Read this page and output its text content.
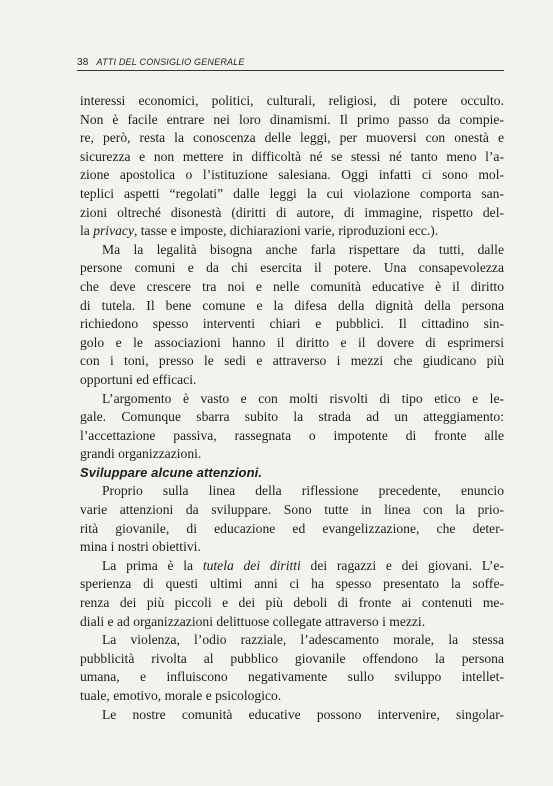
38 ATTI DEL CONSIGLIO GENERALE
interessi economici, politici, culturali, religiosi, di potere occulto.
Non è facile entrare nei loro dinamismi. Il primo passo da compie-
re, però, resta la conoscenza delle leggi, per muoversi con onestà e
sicurezza e non mettere in difficoltà né se stessi né tanto meno l’a-
zione apostolica o l’istituzione salesiana. Oggi infatti ci sono mol-
teplici aspetti “regolati” dalle leggi la cui violazione comporta san-
zioni oltreché disonestà (diritti di autore, di immagine, rispetto del-
la privacy, tasse e imposte, dichiarazioni varie, riproduzioni ecc.).
Ma la legalità bisogna anche farla rispettare da tutti, dalle
persone comuni e da chi esercita il potere. Una consapevolezza
che deve crescere tra noi e nelle comunità educative è il diritto
di tutela. Il bene comune e la difesa della dignità della persona
richiedono spesso interventi chiari e pubblici. Il cittadino sin-
golo e le associazioni hanno il diritto e il dovere di esprimersi
con i toni, presso le sedi e attraverso i mezzi che giudicano più
opportuni ed efficaci.
L’argomento è vasto e con molti risvolti di tipo etico e le-
gale. Comunque sbarra subito la strada ad un atteggiamento:
l’accettazione passiva, rassegnata o impotente di fronte alle
grandi organizzazioni.
Sviluppare alcune attenzioni.
Proprio sulla linea della riflessione precedente, enuncio
varie attenzioni da sviluppare. Sono tutte in linea con la prio-
rità giovanile, di educazione ed evangelizzazione, che deter-
mina i nostri obiettivi.
La prima è la tutela dei diritti dei ragazzi e dei giovani. L’e-
sperienza di questi ultimi anni ci ha spesso presentato la soffe-
renza dei più piccoli e dei più deboli di fronte ai contenuti me-
diali e ad organizzazioni delittuose collegate attraverso i mezzi.
La violenza, l’odio razziale, l’adescamento morale, la stessa
pubblicità rivolta al pubblico giovanile offendono la persona
umana, e influiscono negativamente sullo sviluppo intellet-
tuale, emotivo, morale e psicologico.
Le nostre comunità educative possono intervenire, singolar-
